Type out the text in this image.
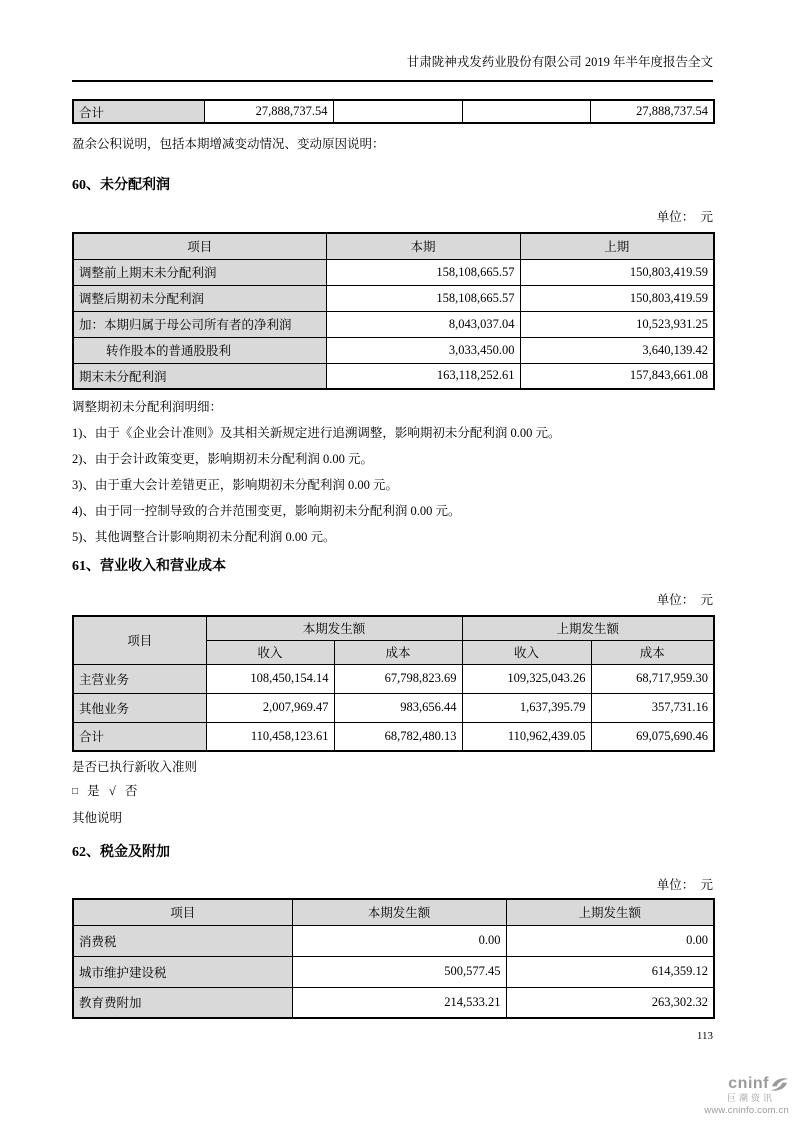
甘肃陇神戎发药业股份有限公司 2019 年半年度报告全文
合计	27,888,737.54			27,888,737.54

盈余公积说明，包括本期增减变动情况、变动原因说明：

60、未分配利润
单位：　元
项目	本期	上期
调整前上期末未分配利润	158,108,665.57	150,803,419.59
调整后期初未分配利润	158,108,665.57	150,803,419.59
加：本期归属于母公司所有者的净利润	8,043,037.04	10,523,931.25
转作股本的普通股股利	3,033,450.00	3,640,139.42
期末未分配利润	163,118,252.61	157,843,661.08

调整期初未分配利润明细：

1)、由于《企业会计准则》及其相关新规定进行追溯调整，影响期初未分配利润 0.00 元。

2)、由于会计政策变更，影响期初未分配利润 0.00 元。

3)、由于重大会计差错更正，影响期初未分配利润 0.00 元。

4)、由于同一控制导致的合并范围变更，影响期初未分配利润 0.00 元。

5)、其他调整合计影响期初未分配利润 0.00 元。

61、营业收入和营业成本
单位：　元
项目	本期发生额		上期发生额	
	收入	成本	收入	成本
主营业务	108,450,154.14	67,798,823.69	109,325,043.26	68,717,959.30
其他业务	2,007,969.47	983,656.44	1,637,395.79	357,731.16
合计	110,458,123.61	68,782,480.13	110,962,439.05	69,075,690.46

是否已执行新收入准则

□ 是 √ 否

其他说明

62、税金及附加
单位：　元
项目	本期发生额	上期发生额
消费税	0.00	0.00
城市维护建设税	500,577.45	614,359.12
教育费附加	214,533.21	263,302.32
113
cninf
巨潮资讯
www.cninfo.com.cn
